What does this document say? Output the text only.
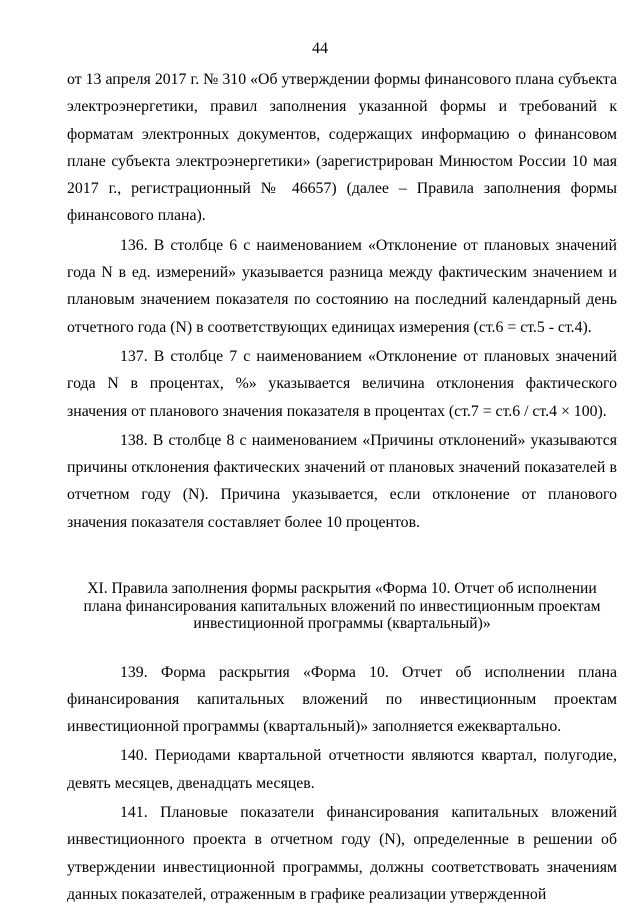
44

от 13 апреля 2017 г. № 310 «Об утверждении формы финансового плана субъекта электроэнергетики, правил заполнения указанной формы и требований к форматам электронных документов, содержащих информацию о финансовом плане субъекта электроэнергетики» (зарегистрирован Минюстом России 10 мая 2017 г., регистрационный № 46657) (далее – Правила заполнения формы финансового плана).

136. В столбце 6 с наименованием «Отклонение от плановых значений года N в ед. измерений» указывается разница между фактическим значением и плановым значением показателя по состоянию на последний календарный день отчетного года (N) в соответствующих единицах измерения (ст.6 = ст.5 - ст.4).

137. В столбце 7 с наименованием «Отклонение от плановых значений года N в процентах, %» указывается величина отклонения фактического значения от планового значения показателя в процентах (ст.7 = ст.6 / ст.4 × 100).

138. В столбце 8 с наименованием «Причины отклонений» указываются причины отклонения фактических значений от плановых значений показателей в отчетном году (N). Причина указывается, если отклонение от планового значения показателя составляет более 10 процентов.

XI. Правила заполнения формы раскрытия «Форма 10. Отчет об исполнении
плана финансирования капитальных вложений по инвестиционным проектам
инвестиционной программы (квартальный)»

139. Форма раскрытия «Форма 10. Отчет об исполнении плана финансирования капитальных вложений по инвестиционным проектам инвестиционной программы (квартальный)» заполняется ежеквартально.

140. Периодами квартальной отчетности являются квартал, полугодие, девять месяцев, двенадцать месяцев.

141. Плановые показатели финансирования капитальных вложений инвестиционного проекта в отчетном году (N), определенные в решении об утверждении инвестиционной программы, должны соответствовать значениям данных показателей, отраженным в графике реализации утвержденной
